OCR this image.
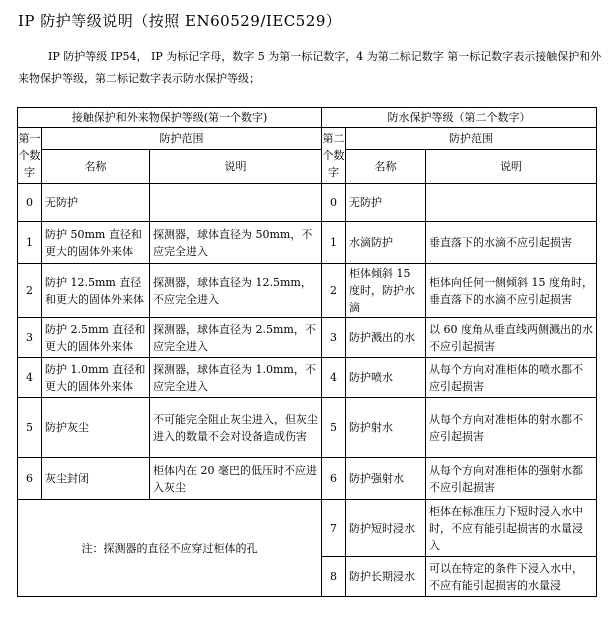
IP 防护等级说明（按照 EN60529/IEC529）
IP 防护等级 IP54， IP 为标记字母，数字 5 为第一标记数字，4 为第二标记数字 第一标记数字表示接触保护和外来物保护等级，第二标记数字表示防水保护等级；
接触保护和外来物保护等级(第一个数字)			防水保护等级（第二个数字）		
第一个数字	防护范围		第二个数字	防护范围	
	名称	说明		名称	说明
0	无防护		0	无防护	
1	防护 50mm 直径和更大的固体外来体	探测器，球体直径为 50mm，不应完全进入	1	水滴防护	垂直落下的水滴不应引起损害
2	防护 12.5mm 直径和更大的固体外来体	探测器，球体直径为 12.5mm，不应完全进入	2	柜体倾斜 15 度时，防护水滴	柜体向任何一侧倾斜 15 度角时，垂直落下的水滴不应引起损害
3	防护 2.5mm 直径和更大的固体外来体	探测器，球体直径为 2.5mm，不应完全进入	3	防护溅出的水	以 60 度角从垂直线两侧溅出的水不应引起损害
4	防护 1.0mm 直径和更大的固体外来体	探测器，球体直径为 1.0mm，不应完全进入	4	防护喷水	从每个方向对准柜体的喷水都不应引起损害
5	防护灰尘	不可能完全阻止灰尘进入，但灰尘进入的数量不会对设备造成伤害	5	防护射水	从每个方向对准柜体的射水都不应引起损害
6	灰尘封闭	柜体内在 20 毫巴的低压时不应进入灰尘	6	防护强射水	从每个方向对准柜体的强射水都不应引起损害
注：探测器的直径不应穿过柜体的孔			7	防护短时浸水	柜体在标准压力下短时浸入水中时，不应有能引起损害的水量浸入
			8	防护长期浸水	可以在特定的条件下浸入水中，不应有能引起损害的水量浸
